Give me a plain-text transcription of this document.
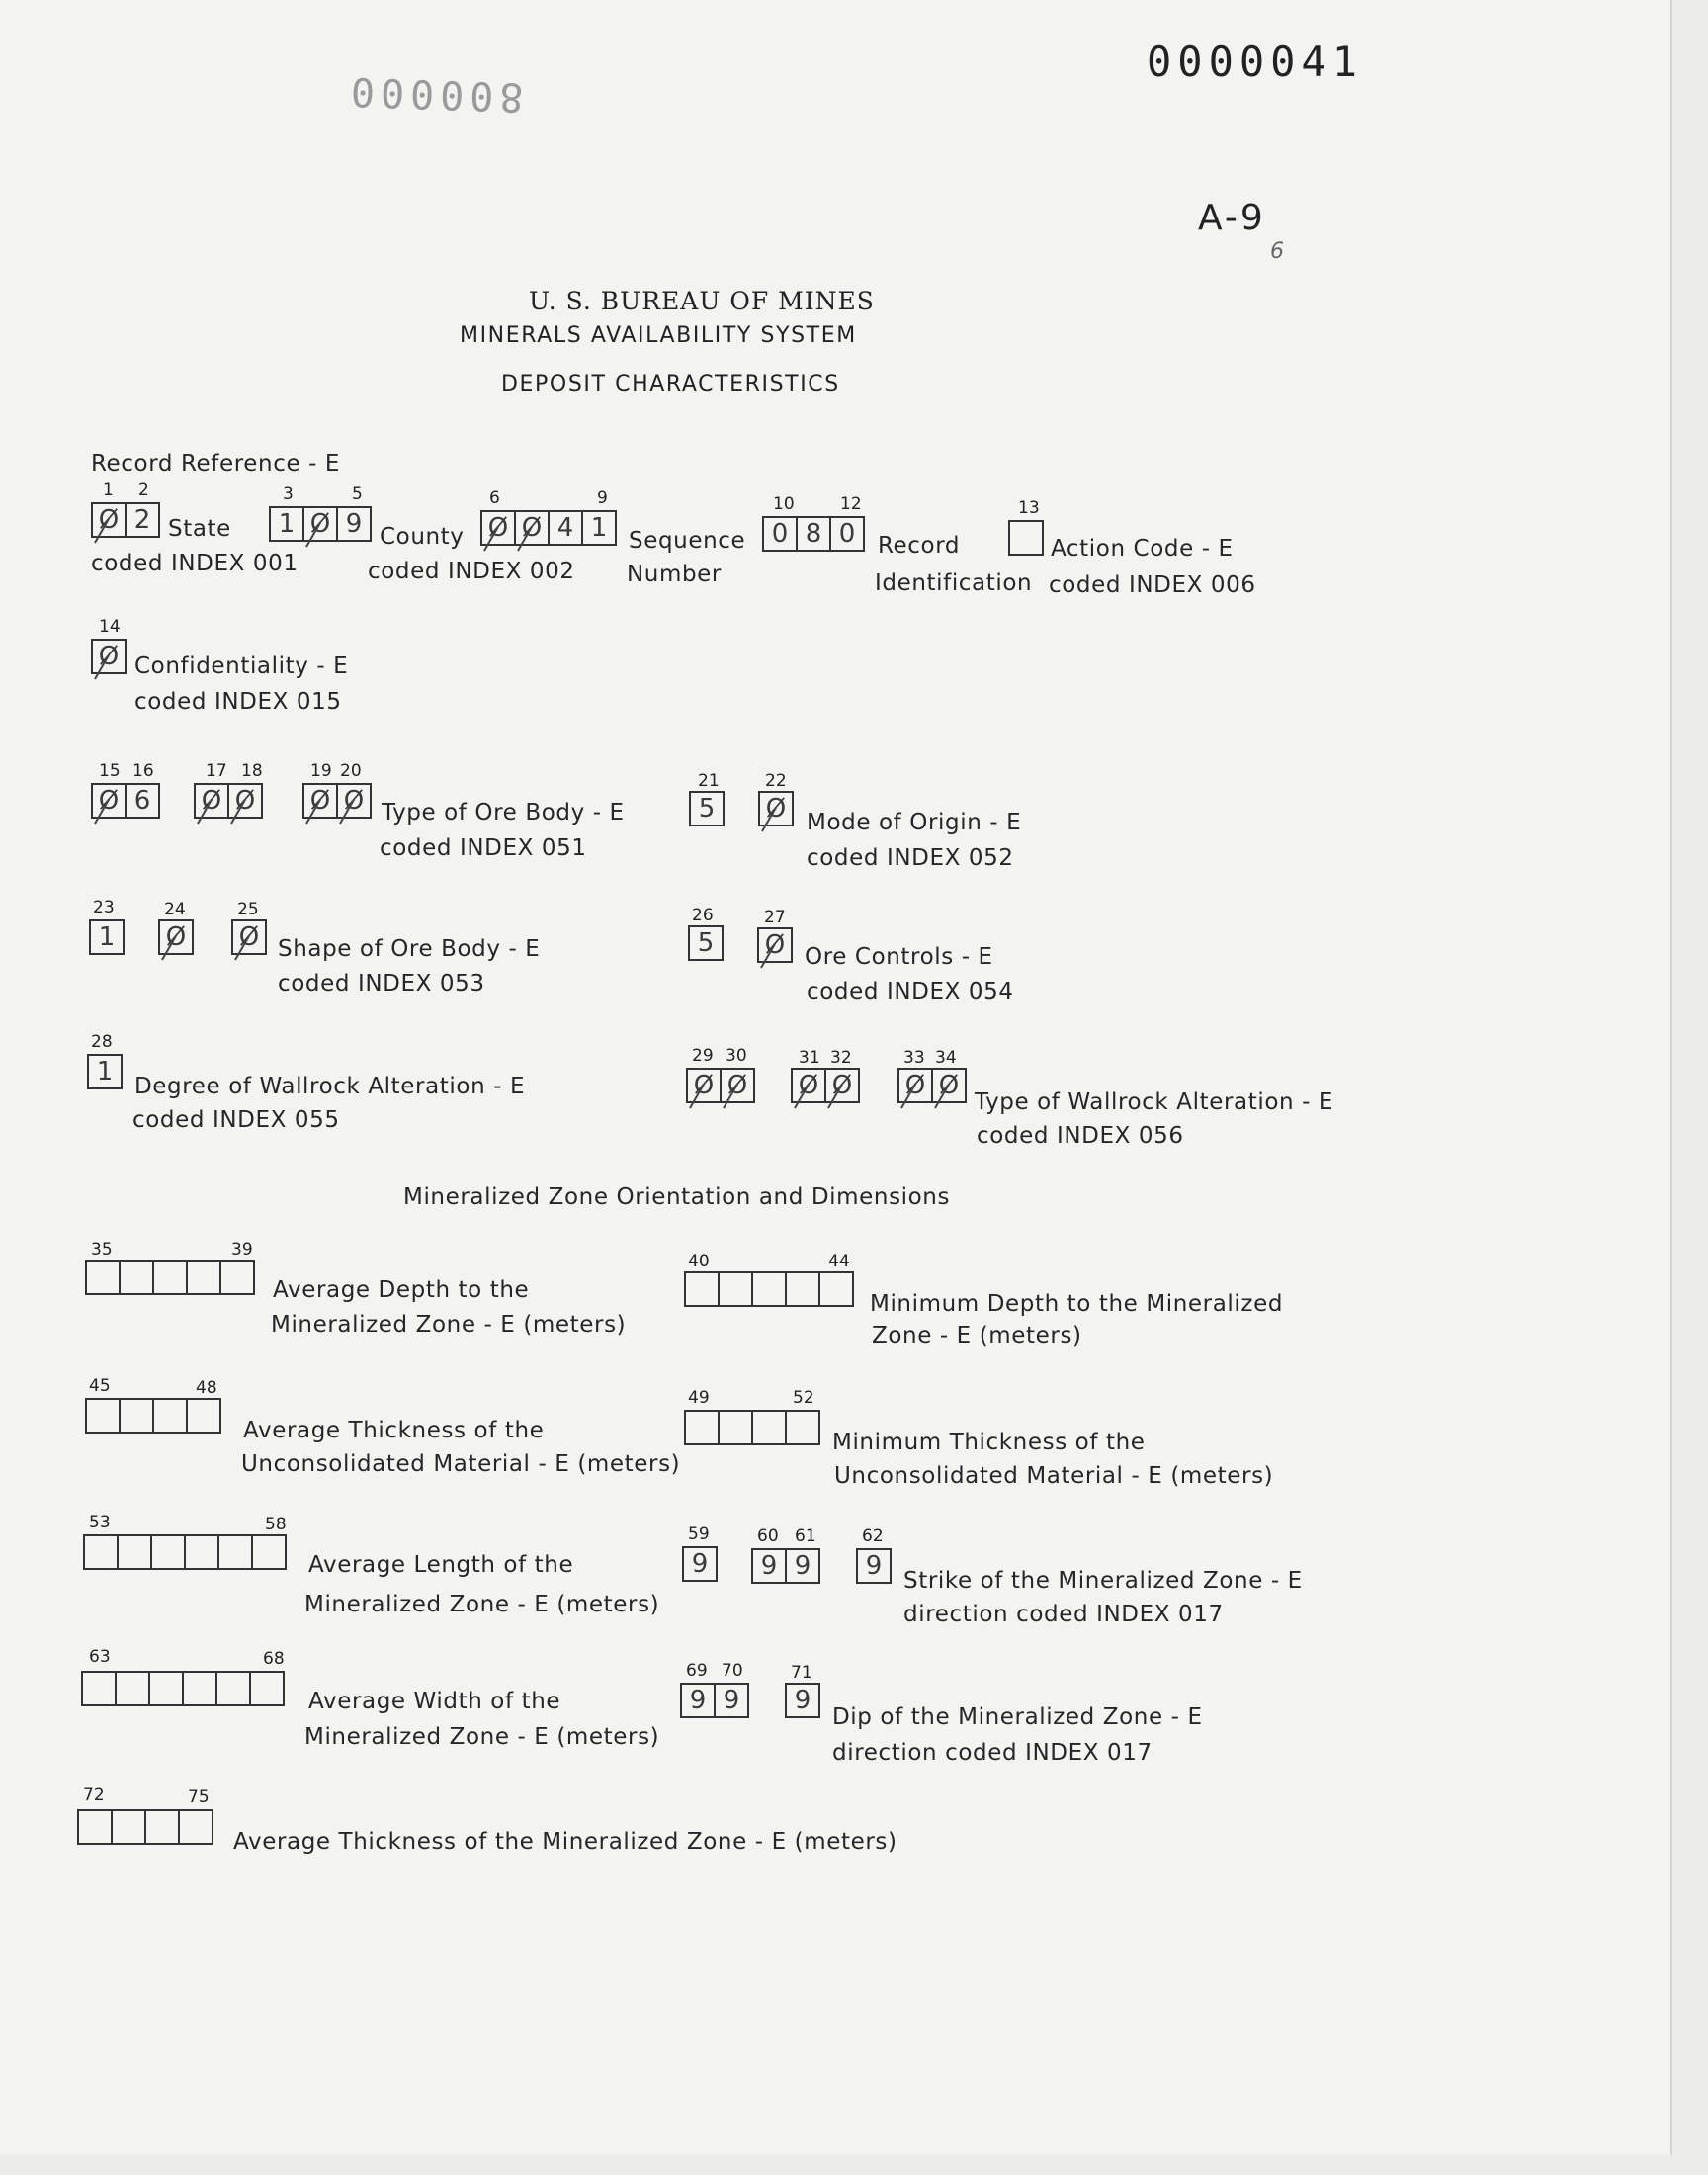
0000041
000008
A-9
6
U. S. BUREAU OF MINES
MINERALS AVAILABILITY SYSTEM
DEPOSIT CHARACTERISTICS
Record Reference - E
1 2
Ø 2 State
coded INDEX 001
3	5
1 Ø 9 County
coded INDEX 002
6	9
Ø Ø 4 1 Sequence
Number
10	12
0 8 0 Record
Identification
13
Action Code - E
coded INDEX 006
14
Ø Confidentiality - E
coded INDEX 015
15 16
Ø 6
17 18
Ø Ø
19 20
Ø Ø Type of Ore Body - E
coded INDEX 051
21
5
22
Ø Mode of Origin - E
coded INDEX 052
23
1
24
Ø
25
Ø Shape of Ore Body - E
coded INDEX 053
26
5
27
Ø Ore Controls - E
coded INDEX 054
28
1 Degree of Wallrock Alteration - E
coded INDEX 055
29 30
Ø Ø
31 32
Ø Ø
33 34
Ø Ø
Type of Wallrock Alteration - E
coded INDEX 056
Mineralized Zone Orientation and Dimensions
35	39
Average Depth to the
Mineralized Zone - E (meters)
40	44
Minimum Depth to the Mineralized
Zone - E (meters)
45	48
Average Thickness of the
Unconsolidated Material - E (meters)
49	52
Minimum Thickness of the
Unconsolidated Material - E (meters)
53	58
Average Length of the
Mineralized Zone - E (meters)
59
9
60 61
9 9
62
9 Strike of the Mineralized Zone - E
direction coded INDEX 017
63	68
Average Width of the
Mineralized Zone - E (meters)
69 70
9 9
71
9
Dip of the Mineralized Zone - E
direction coded INDEX 017
72	75
Average Thickness of the Mineralized Zone - E (meters)
